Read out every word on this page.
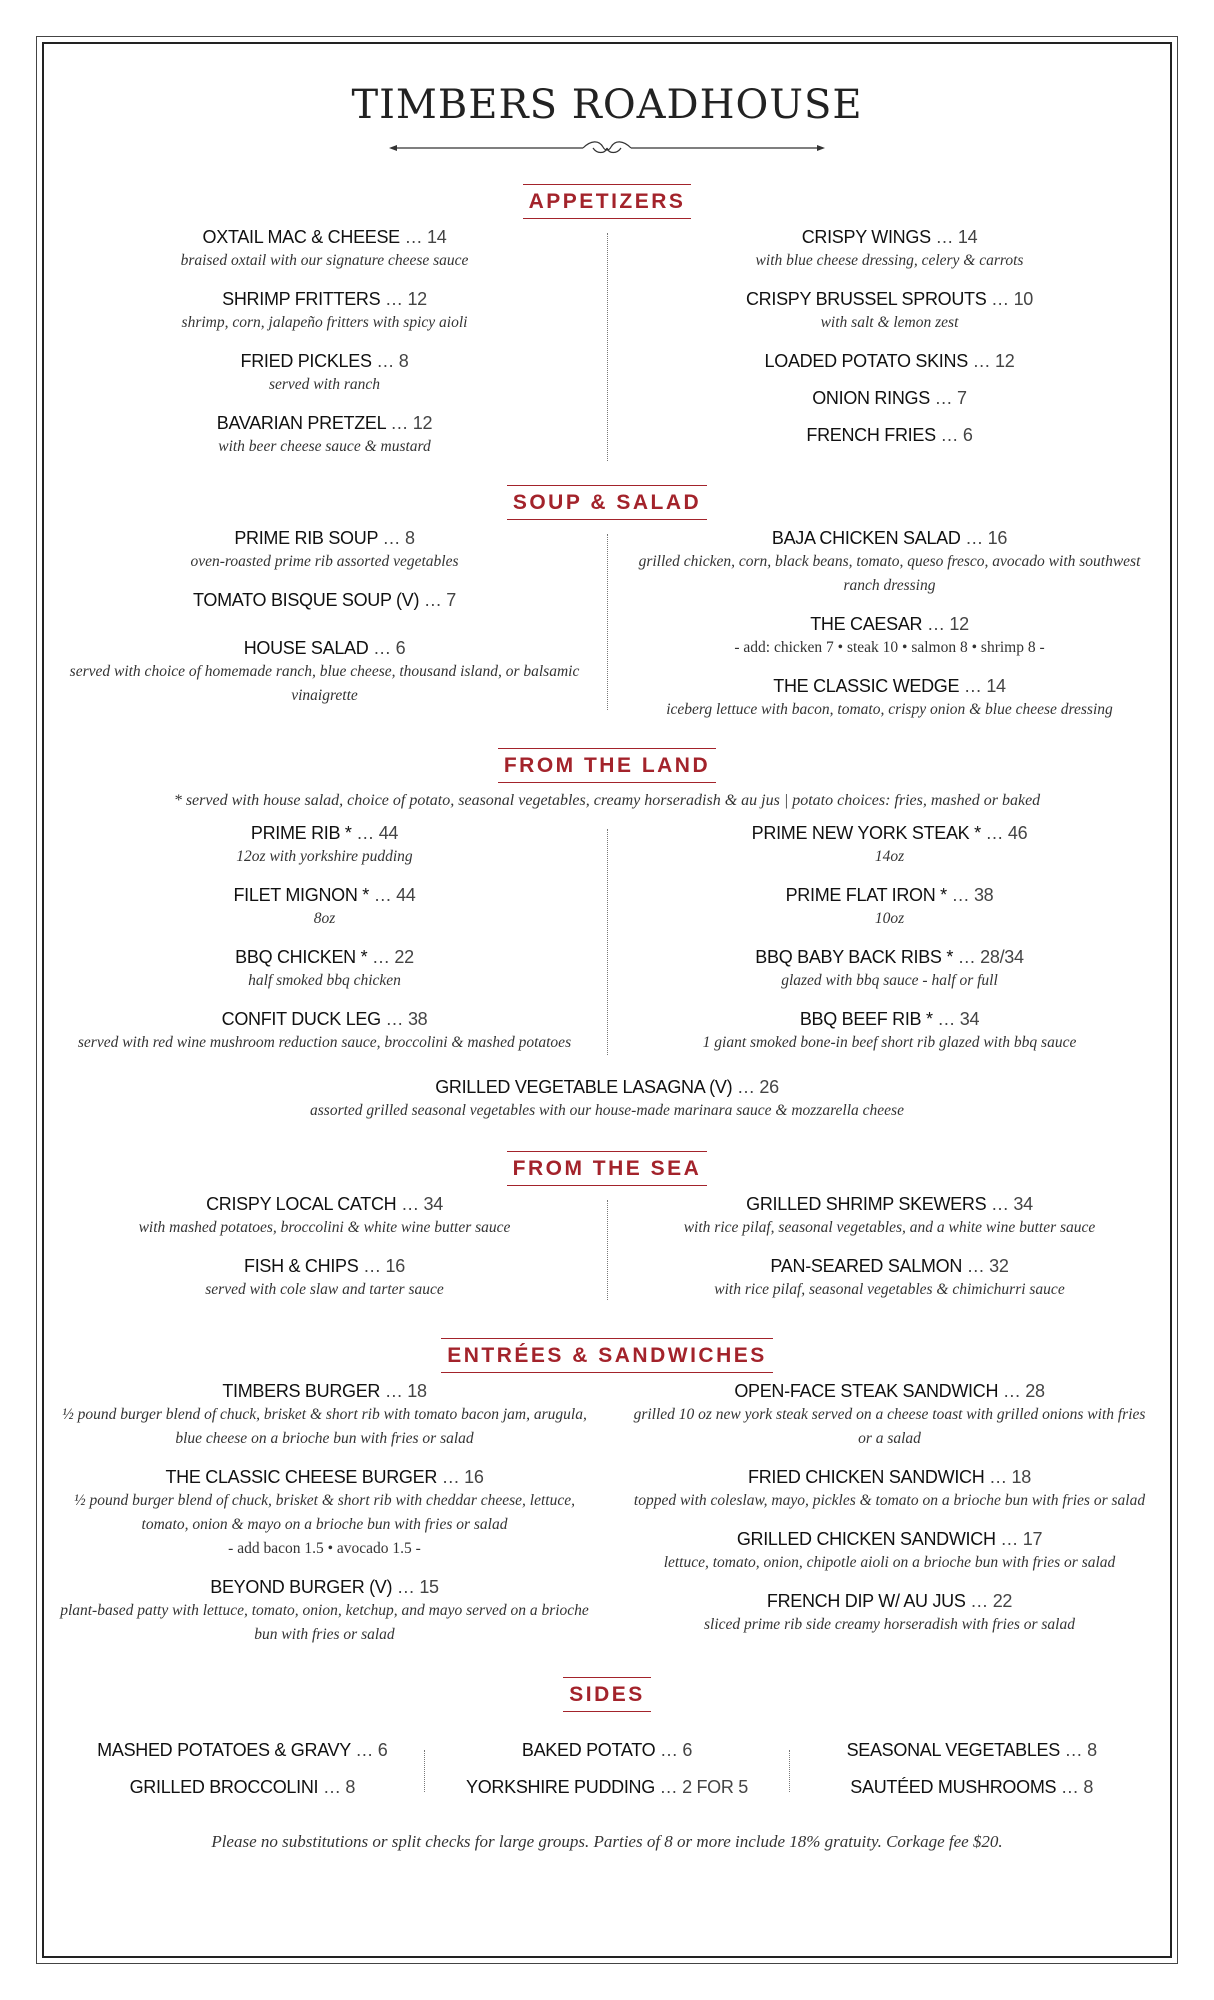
TIMBERS ROADHOUSE
APPETIZERS
OXTAIL MAC & CHEESE … 14
braised oxtail with our signature cheese sauce
SHRIMP FRITTERS … 12
shrimp, corn, jalapeño fritters with spicy aioli
FRIED PICKLES … 8
served with ranch
BAVARIAN PRETZEL … 12
with beer cheese sauce & mustard
CRISPY WINGS … 14
with blue cheese dressing, celery & carrots
CRISPY BRUSSEL SPROUTS … 10
with salt & lemon zest
LOADED POTATO SKINS … 12
ONION RINGS … 7
FRENCH FRIES … 6
SOUP & SALAD
PRIME RIB SOUP … 8
oven-roasted prime rib assorted vegetables
TOMATO BISQUE SOUP (V) … 7
HOUSE SALAD … 6
served with choice of homemade ranch, blue cheese, thousand island, or balsamic vinaigrette
BAJA CHICKEN SALAD … 16
grilled chicken, corn, black beans, tomato, queso fresco, avocado with southwest ranch dressing
THE CAESAR … 12
- add: chicken 7 • steak 10 • salmon 8 • shrimp 8 -
THE CLASSIC WEDGE … 14
iceberg lettuce with bacon, tomato, crispy onion & blue cheese dressing
FROM THE LAND
* served with house salad, choice of potato, seasonal vegetables, creamy horseradish & au jus | potato choices: fries, mashed or baked
PRIME RIB * … 44
12oz with yorkshire pudding
FILET MIGNON * … 44
8oz
BBQ CHICKEN * … 22
half smoked bbq chicken
CONFIT DUCK LEG … 38
served with red wine mushroom reduction sauce, broccolini & mashed potatoes
PRIME NEW YORK STEAK * … 46
14oz
PRIME FLAT IRON * … 38
10oz
BBQ BABY BACK RIBS * … 28/34
glazed with bbq sauce - half or full
BBQ BEEF RIB * … 34
1 giant smoked bone-in beef short rib glazed with bbq sauce
GRILLED VEGETABLE LASAGNA (V) … 26
assorted grilled seasonal vegetables with our house-made marinara sauce & mozzarella cheese
FROM THE SEA
CRISPY LOCAL CATCH … 34
with mashed potatoes, broccolini & white wine butter sauce
FISH & CHIPS … 16
served with cole slaw and tarter sauce
GRILLED SHRIMP SKEWERS … 34
with rice pilaf, seasonal vegetables, and a white wine butter sauce
PAN-SEARED SALMON … 32
with rice pilaf, seasonal vegetables & chimichurri sauce
ENTRÉES & SANDWICHES
TIMBERS BURGER … 18
½ pound burger blend of chuck, brisket & short rib with tomato bacon jam, arugula, blue cheese on a brioche bun with fries or salad
THE CLASSIC CHEESE BURGER … 16
½ pound burger blend of chuck, brisket & short rib with cheddar cheese, lettuce, tomato, onion & mayo on a brioche bun with fries or salad
- add bacon 1.5 • avocado 1.5 -
BEYOND BURGER (V) … 15
plant-based patty with lettuce, tomato, onion, ketchup, and mayo served on a brioche bun with fries or salad
OPEN-FACE STEAK SANDWICH … 28
grilled 10 oz new york steak served on a cheese toast with grilled onions with fries or a salad
FRIED CHICKEN SANDWICH … 18
topped with coleslaw, mayo, pickles & tomato on a brioche bun with fries or salad
GRILLED CHICKEN SANDWICH … 17
lettuce, tomato, onion, chipotle aioli on a brioche bun with fries or salad
FRENCH DIP W/ AU JUS … 22
sliced prime rib side creamy horseradish with fries or salad
SIDES
MASHED POTATOES & GRAVY … 6
GRILLED BROCCOLINI … 8
BAKED POTATO … 6
YORKSHIRE PUDDING … 2 FOR 5
SEASONAL VEGETABLES … 8
SAUTÉED MUSHROOMS … 8
Please no substitutions or split checks for large groups. Parties of 8 or more include 18% gratuity. Corkage fee $20.
